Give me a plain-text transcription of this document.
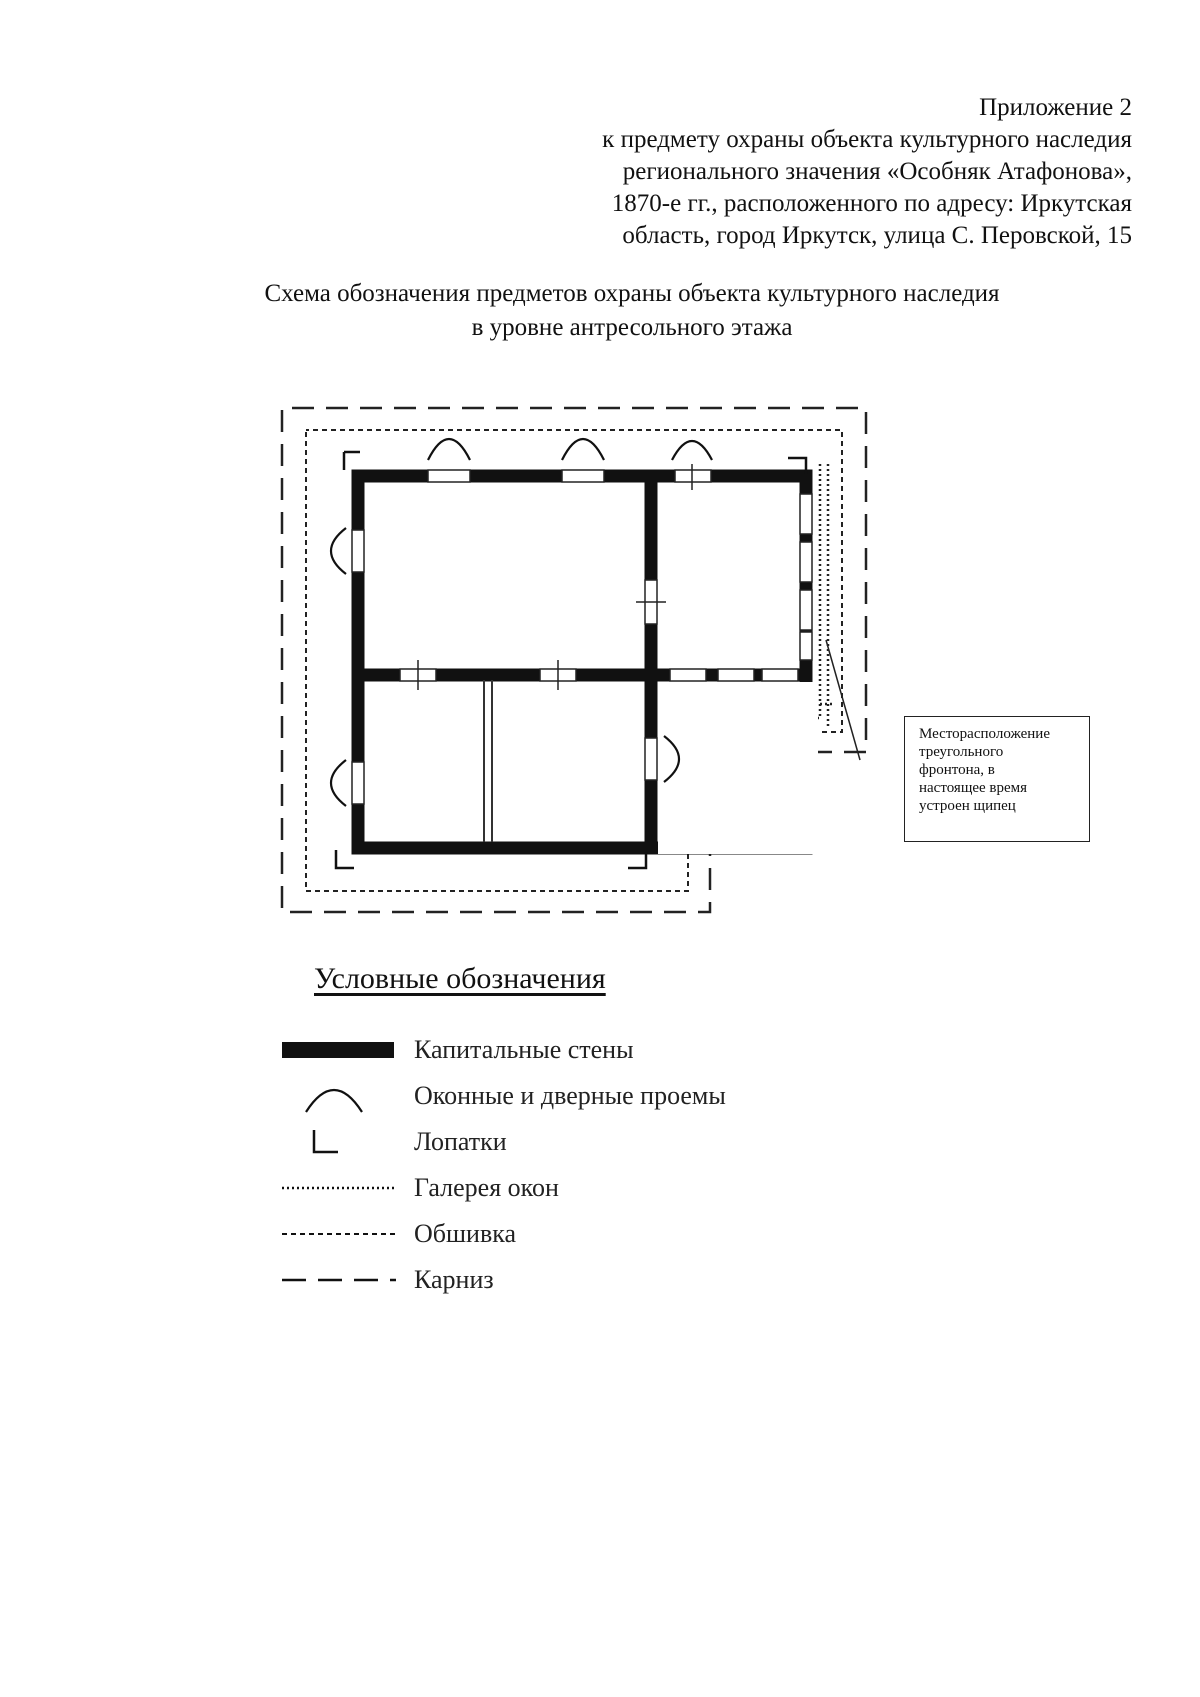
Приложение 2
к предмету охраны объекта культурного наследия
регионального значения «Особняк Атафонова»,
1870-е гг., расположенного по адресу: Иркутская
область, город Иркутск, улица С. Перовской, 15
Схема обозначения предметов охраны объекта культурного наследия
в уровне антресольного этажа
Месторасположение
треугольного
фронтона, в
настоящее время
устроен щипец
Условные обозначения
Капитальные стены
Оконные и дверные проемы
Лопатки
Галерея окон
Обшивка
Карниз
